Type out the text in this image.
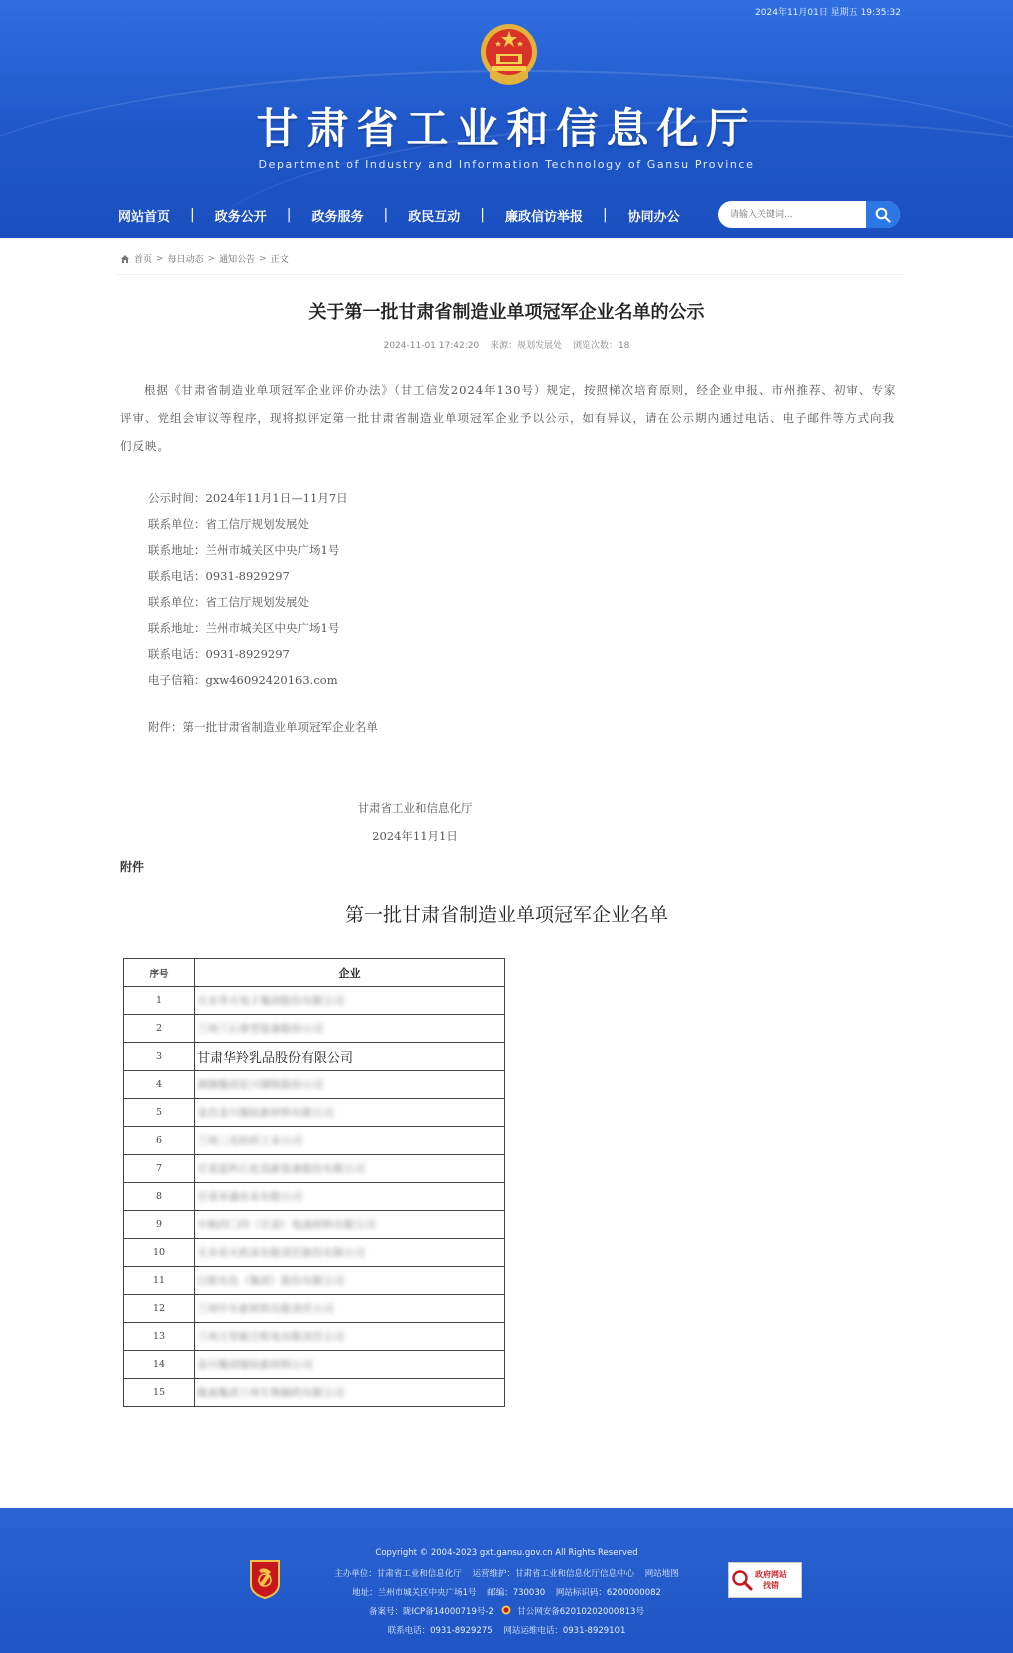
2024年11月01日 星期五 19:35:32
甘肃省工业和信息化厅
Department of Industry and Information Technology of Gansu Province
网站首页 | 政务公开 | 政务服务 | 政民互动 | 廉政信访举报 | 协同办公
请输入关键词...
首页 > 每日动态 > 通知公告 > 正文
关于第一批甘肃省制造业单项冠军企业名单的公示
2024-11-01 17:42:20 来源：规划发展处 浏览次数：18
根据《甘肃省制造业单项冠军企业评价办法》（甘工信发2024年130号）规定，按照梯次培育原则，经企业申报、市州推荐、初审、专家评审、党组会审议等程序，现将拟评定第一批甘肃省制造业单项冠军企业予以公示，如有异议，请在公示期内通过电话、电子邮件等方式向我们反映。
公示时间：2024年11月1日—11月7日
联系单位：省工信厅规划发展处
联系地址：兰州市城关区中央广场1号
联系电话：0931-8929297
联系单位：省工信厅规划发展处
联系地址：兰州市城关区中央广场1号
联系电话：0931-8929297
电子信箱：gxw46092420163.com
附件：第一批甘肃省制造业单项冠军企业名单
甘肃省工业和信息化厅
2024年11月1日
附件
第一批甘肃省制造业单项冠军企业名单
序号	企业
1	天水华天电子集团股份有限公司
2	兰州兰石重型装备股份公司
3	甘肃华羚乳品股份有限公司
4	酒钢集团宏兴钢铁股份公司
5	金昌金川镍钴新材料有限公司
6	兰州三毛纺织工业公司
7	甘肃蓝科石化高新装备股份有限公司
8	甘肃亚盛农业有限公司
9	中核四〇四（甘肃）电池材料有限公司
10	天水星火机床有限责任股份有限公司
11	白银有色（集团）股份有限公司
12	兰州中车新材料有限责任公司
13	兰州万里航空机电有限责任公司
14	金川集团镍钴新材料公司
15	陇南集团兰州生物制药有限公司
Copyright © 2004-2023 gxt.gansu.gov.cn All Rights Reserved
主办单位：甘肃省工业和信息化厅 运营维护：甘肃省工业和信息化厅信息中心 网站地图
地址：兰州市城关区中央广场1号 邮编：730030 网站标识码：6200000082
备案号：陇ICP备14000719号-2	甘公网安备62010202000813号
联系电话：0931-8929275 网站运维电话：0931-8929101
政府网站
找错
